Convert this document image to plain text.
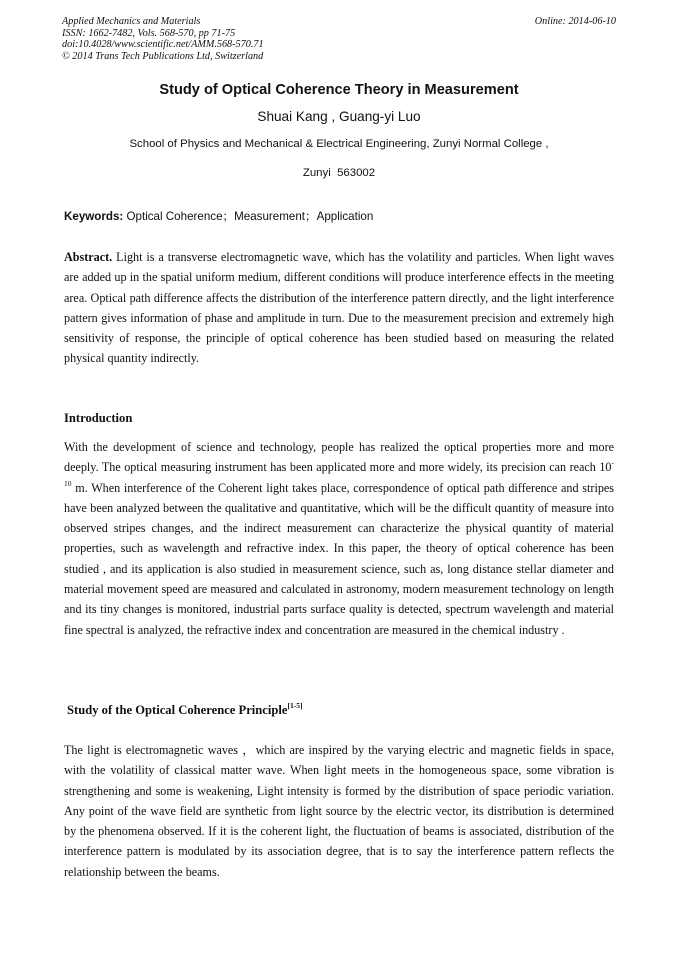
Applied Mechanics and Materials
ISSN: 1662-7482, Vols. 568-570, pp 71-75
doi:10.4028/www.scientific.net/AMM.568-570.71
© 2014 Trans Tech Publications Ltd, Switzerland
Online: 2014-06-10
Study of Optical Coherence Theory in Measurement
Shuai Kang , Guang-yi Luo
School of Physics and Mechanical & Electrical Engineering, Zunyi Normal College ,
Zunyi  563002
Keywords: Optical Coherence；Measurement；Application

Abstract. Light is a transverse electromagnetic wave, which has the volatility and particles. When light waves are added up in the spatial uniform medium, different conditions will produce interference effects in the meeting area. Optical path difference affects the distribution of the interference pattern directly, and the light interference pattern gives information of phase and amplitude in turn. Due to the measurement precision and extremely high sensitivity of response, the principle of optical coherence has been studied based on measuring the related physical quantity indirectly.

Introduction

With the development of science and technology, people has realized the optical properties more and more deeply. The optical measuring instrument has been applicated more and more widely, its precision can reach $10^{-10}$ m. When interference of the Coherent light takes place, correspondence of optical path difference and stripes have been analyzed between the qualitative and quantitative, which will be the difficult quantity of measure into observed stripes changes, and the indirect measurement can characterize the physical quantity of material properties, such as wavelength and refractive index. In this paper, the theory of optical coherence has been studied , and its application is also studied in measurement science, such as, long distance stellar diameter and material movement speed are measured and calculated in astronomy, modern measurement technology on length and its tiny changes is monitored, industrial parts surface quality is detected, spectrum wavelength and material fine spectral is analyzed, the refractive index and concentration are measured in the chemical industry .

Study of the Optical Coherence Principle[1-5]

The light is electromagnetic waves ，which are inspired by the varying electric and magnetic fields in space, with the volatility of classical matter wave. When light meets in the homogeneous space, some vibration is strengthening and some is weakening, Light intensity is formed by the distribution of space periodic variation. Any point of the wave field are synthetic from light source by the electric vector, its distribution is determined by the phenomena observed. If it is the coherent light, the fluctuation of beams is associated, distribution of the interference pattern is modulated by its association degree, that is to say the interference pattern reflects the relationship between the beams.
